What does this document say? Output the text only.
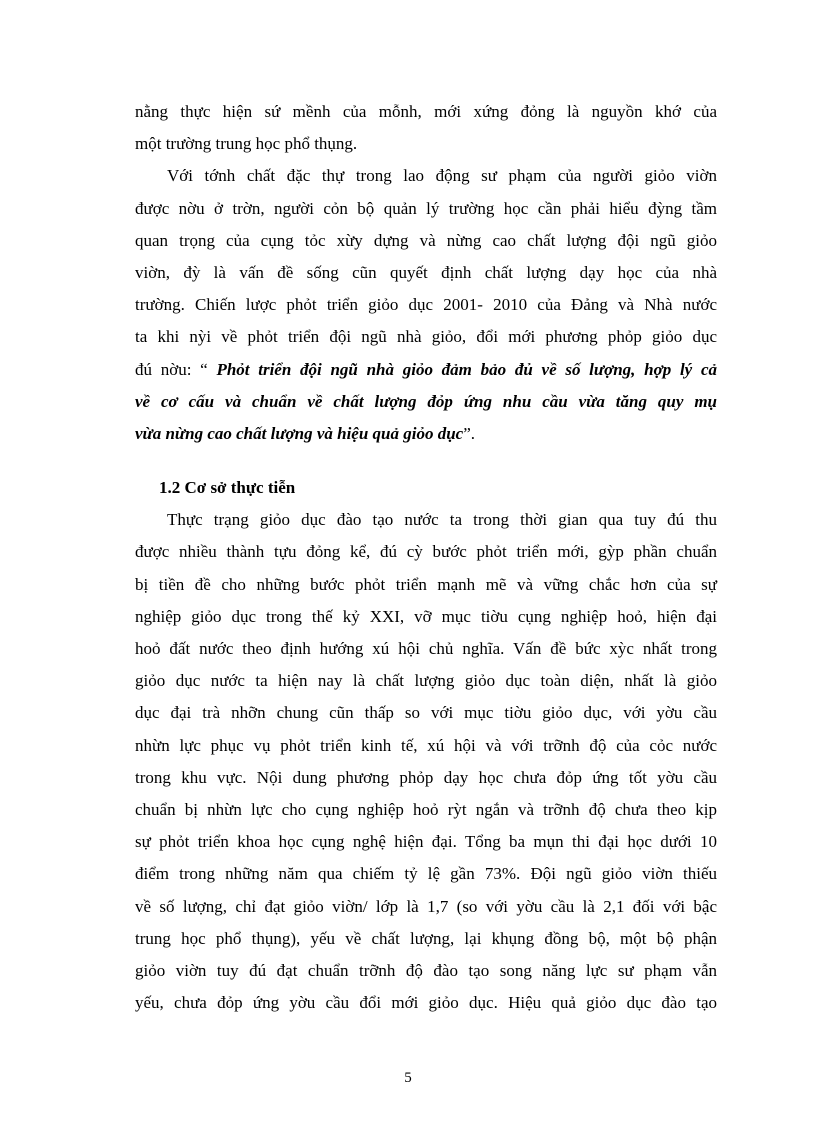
nằng thực hiện sứ mềnh của mỗnh, mới xứng đỏng là nguyồn khớ của
một trường trung học phổ thụng.
Với tớnh chất đặc thự trong lao động sư phạm của người giỏo viờn
được nờu ở trờn, người cỏn bộ quản lý trường học cần phải hiểu đỳng tầm
quan trọng của cụng tỏc xừy dựng và nừng cao chất lượng đội ngũ giỏo
viờn, đỳ là vấn đề sống cũn quyết định chất lượng dạy học của nhà
trường. Chiến lược phỏt triển giỏo dục 2001- 2010 của Đảng và Nhà nước
ta khi nỳi về phỏt triển đội ngũ nhà giỏo, đổi mới phương phỏp giỏo dục
đú nờu: “ Phỏt triển đội ngũ nhà giỏo đảm bảo đủ về số lượng, hợp lý cả
về cơ cấu và chuẩn về chất lượng đỏp ứng nhu cầu vừa tăng quy mụ
vừa nừng cao chất lượng và hiệu quả giỏo dục”.
1.2 Cơ sở thực tiễn
Thực trạng giỏo dục đào tạo nước ta trong thời gian qua tuy đú thu
được nhiều thành tựu đỏng kể, đú cỳ bước phỏt triển mới, gỳp phần chuẩn
bị tiền đề cho những bước phỏt triển mạnh mẽ và vững chắc hơn của sự
nghiệp giỏo dục trong thế kỷ XXI, vỡ mục tiờu cụng nghiệp hoỏ, hiện đại
hoỏ đất nước theo định hướng xú hội chủ nghĩa. Vấn đề bức xỳc nhất trong
giỏo dục nước ta hiện nay là chất lượng giỏo dục toàn diện, nhất là giỏo
dục đại trà nhỡn chung cũn thấp so với mục tiờu giỏo dục, với yờu cầu
nhừn lực phục vụ phỏt triển kinh tế, xú hội và với trỡnh độ của cỏc nước
trong khu vực. Nội dung phương phỏp dạy học chưa đỏp ứng tốt yờu cầu
chuẩn bị nhừn lực cho cụng nghiệp hoỏ rỳt ngắn và trỡnh độ chưa theo kịp
sự phỏt triển khoa học cụng nghệ hiện đại. Tổng ba mụn thi đại học dưới 10
điểm trong những năm qua chiếm tỷ lệ gần 73%. Đội ngũ giỏo viờn thiếu
về số lượng, chỉ đạt giỏo viờn/ lớp là 1,7 (so với yờu cầu là 2,1 đối với bậc
trung học phổ thụng), yếu về chất lượng, lại khụng đồng bộ, một bộ phận
giỏo viờn tuy đú đạt chuẩn trỡnh độ đào tạo song năng lực sư phạm vẫn
yếu, chưa đỏp ứng yờu cầu đổi mới giỏo dục. Hiệu quả giỏo dục đào tạo
5
